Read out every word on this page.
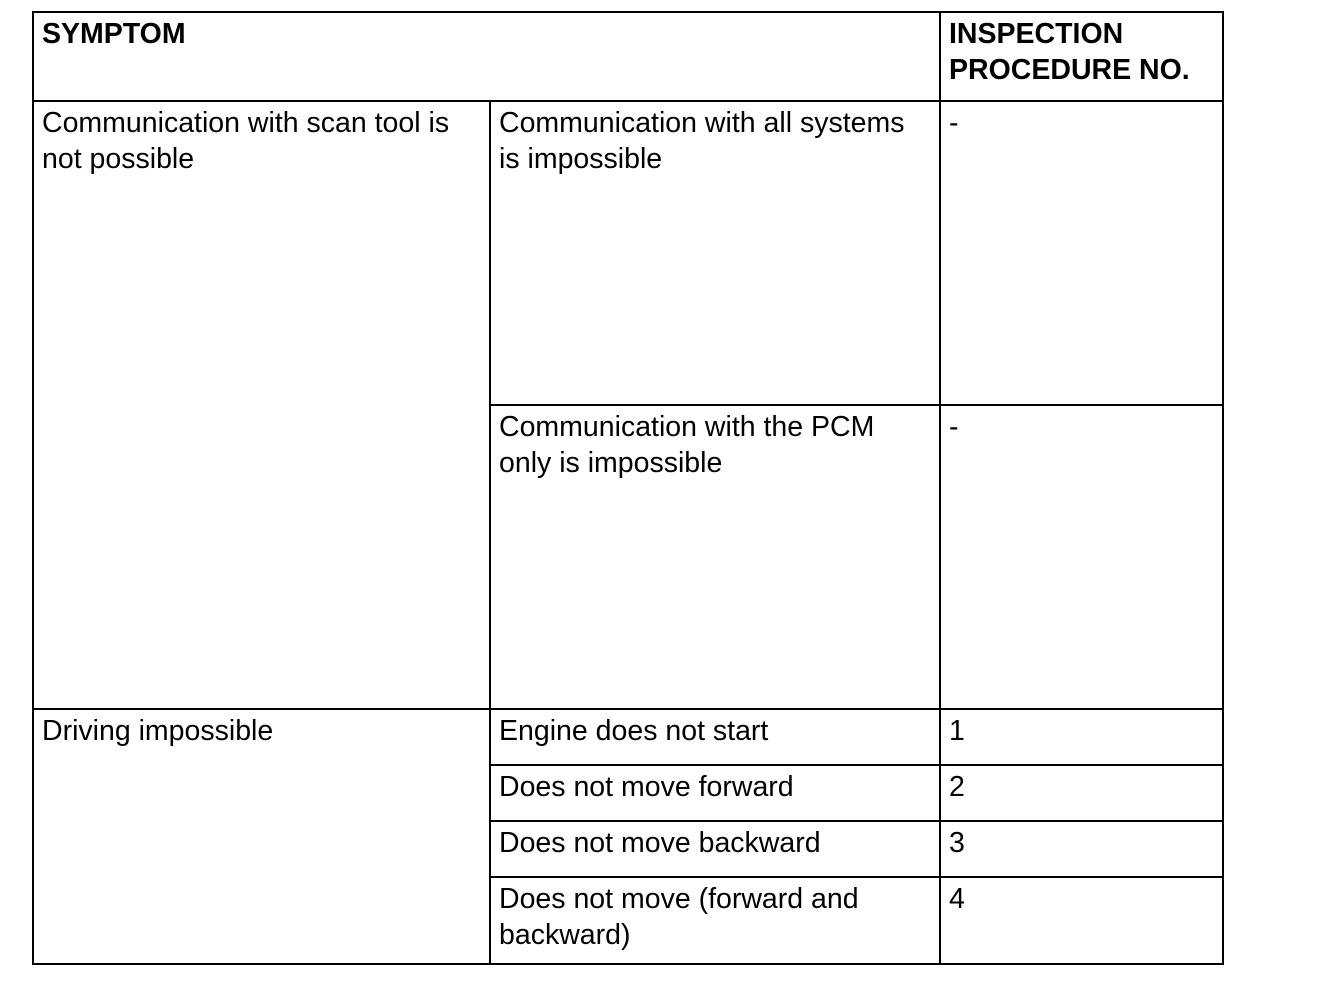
SYMPTOM		INSPECTION
PROCEDURE NO.
Communication with scan tool is not possible	Communication with all systems is impossible	-
	Communication with the PCM only is impossible	-
Driving impossible	Engine does not start	1
	Does not move forward	2
	Does not move backward	3
	Does not move (forward and backward)	4
